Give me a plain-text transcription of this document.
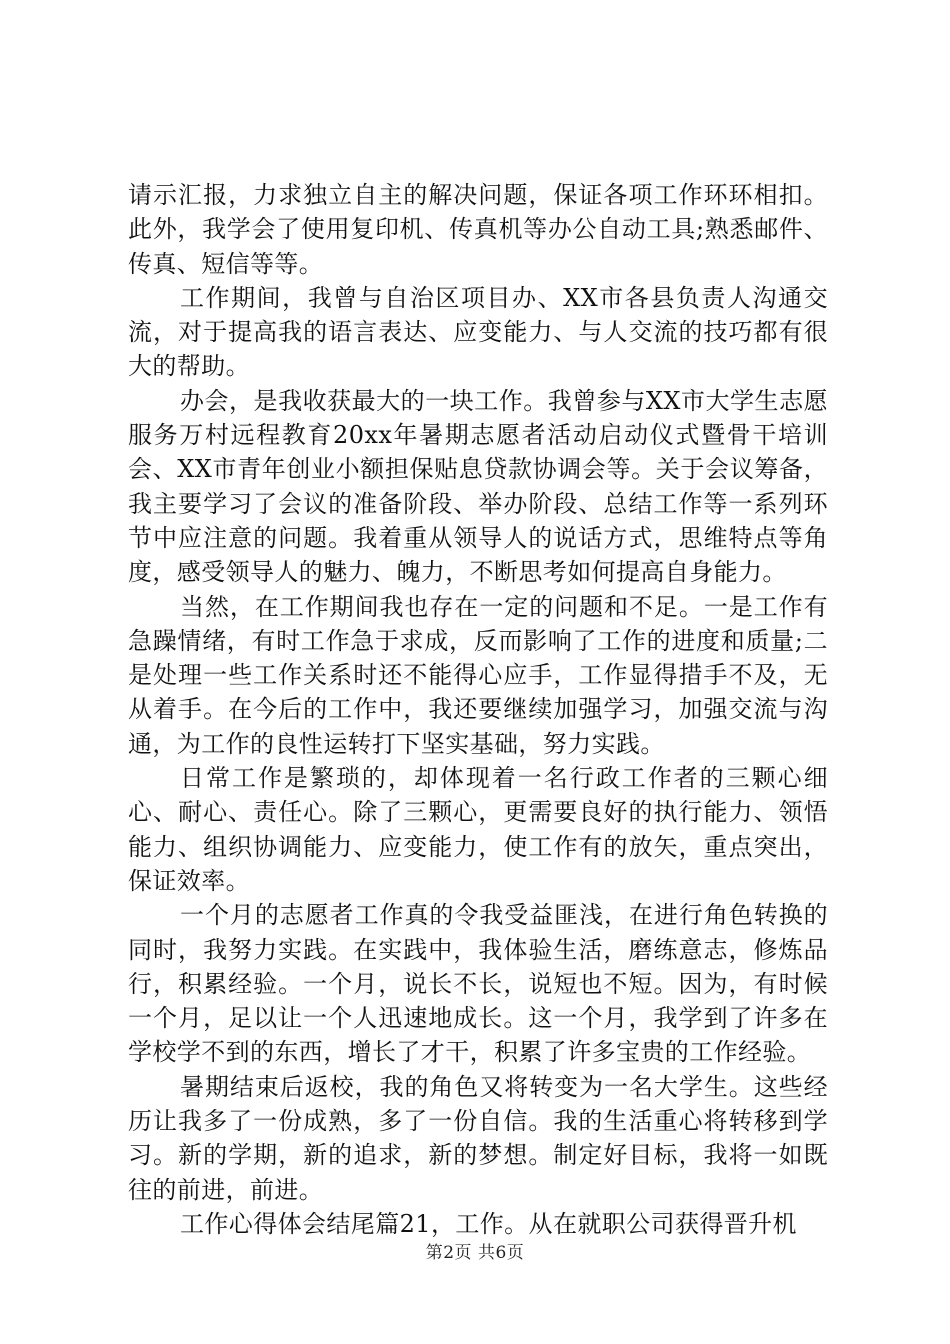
请示汇报，力求独立自主的解决问题，保证各项工作环环相扣。此外，我学会了使用复印机、传真机等办公自动工具;熟悉邮件、传真、短信等等。

工作期间，我曾与自治区项目办、XX市各县负责人沟通交流，对于提高我的语言表达、应变能力、与人交流的技巧都有很大的帮助。

办会，是我收获最大的一块工作。我曾参与XX市大学生志愿服务万村远程教育20xx年暑期志愿者活动启动仪式暨骨干培训会、XX市青年创业小额担保贴息贷款协调会等。关于会议筹备，我主要学习了会议的准备阶段、举办阶段、总结工作等一系列环节中应注意的问题。我着重从领导人的说话方式，思维特点等角度，感受领导人的魅力、魄力，不断思考如何提高自身能力。

当然，在工作期间我也存在一定的问题和不足。一是工作有急躁情绪，有时工作急于求成，反而影响了工作的进度和质量;二是处理一些工作关系时还不能得心应手，工作显得措手不及，无从着手。在今后的工作中，我还要继续加强学习，加强交流与沟通，为工作的良性运转打下坚实基础，努力实践。

日常工作是繁琐的，却体现着一名行政工作者的三颗心细心、耐心、责任心。除了三颗心，更需要良好的执行能力、领悟能力、组织协调能力、应变能力，使工作有的放矢，重点突出，保证效率。

一个月的志愿者工作真的令我受益匪浅，在进行角色转换的同时，我努力实践。在实践中，我体验生活，磨练意志，修炼品行，积累经验。一个月，说长不长，说短也不短。因为，有时候一个月，足以让一个人迅速地成长。这一个月，我学到了许多在学校学不到的东西，增长了才干，积累了许多宝贵的工作经验。

暑期结束后返校，我的角色又将转变为一名大学生。这些经历让我多了一份成熟，多了一份自信。我的生活重心将转移到学习。新的学期，新的追求，新的梦想。制定好目标，我将一如既往的前进，前进。

工作心得体会结尾篇21，工作。从在就职公司获得晋升机

第2页 共6页
